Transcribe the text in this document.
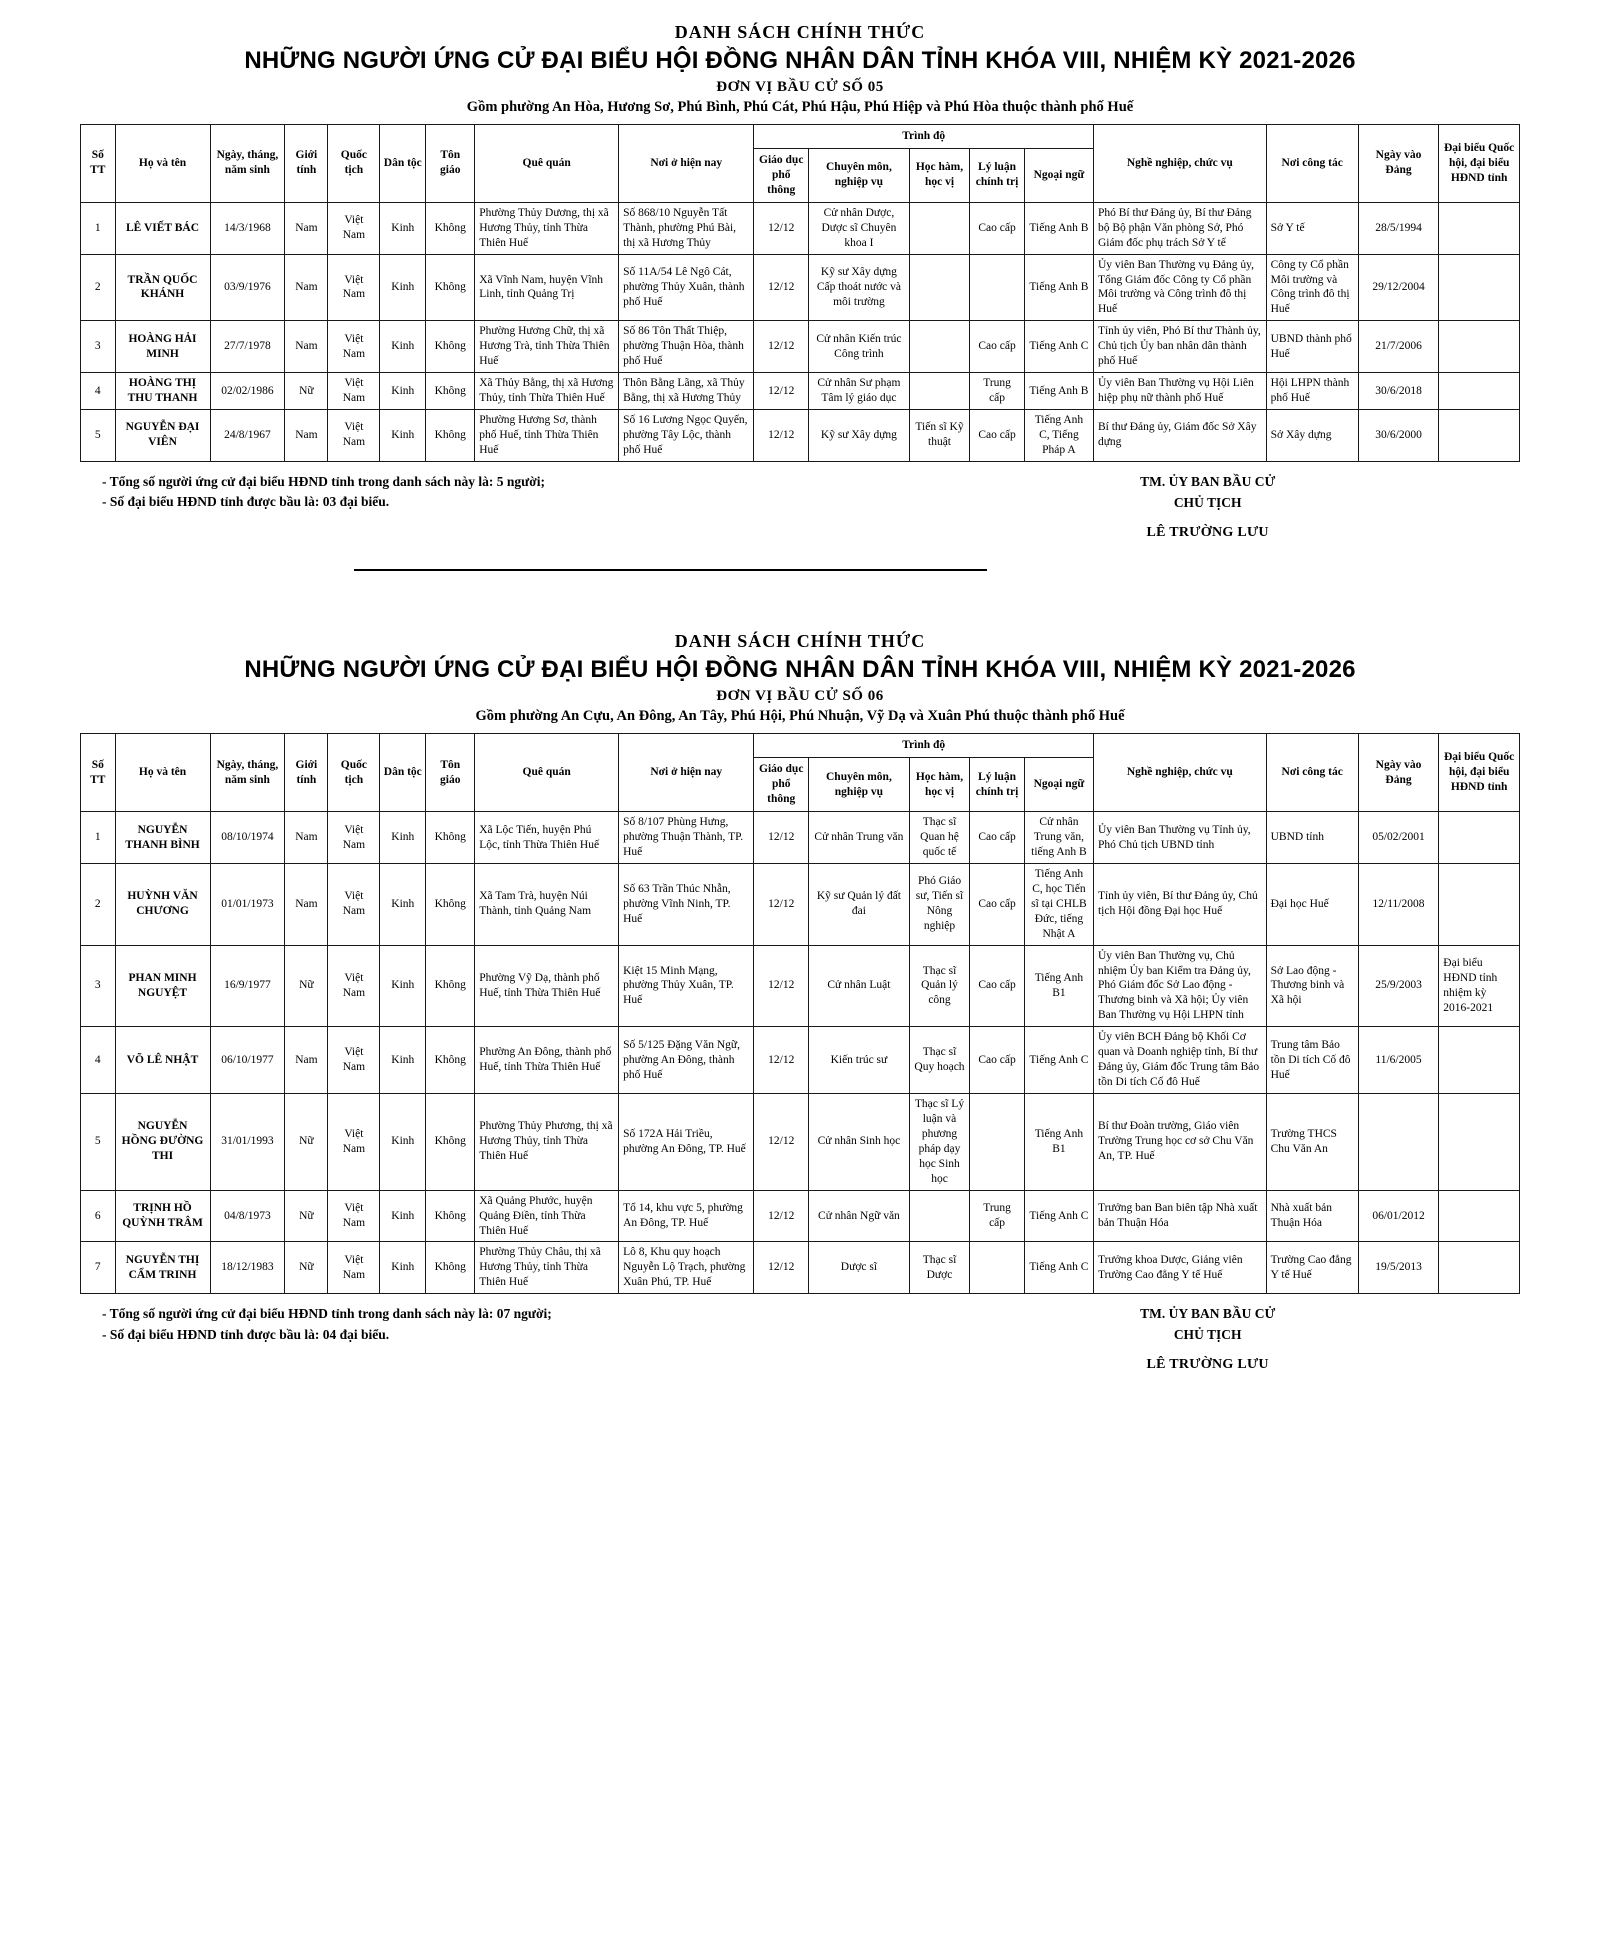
DANH SÁCH CHÍNH THỨC
NHỮNG NGƯỜI ỨNG CỬ ĐẠI BIỂU HỘI ĐỒNG NHÂN DÂN TỈNH KHÓA VIII, NHIỆM KỲ 2021-2026
ĐƠN VỊ BẦU CỬ SỐ 05
Gồm phường An Hòa, Hương Sơ, Phú Bình, Phú Cát, Phú Hậu, Phú Hiệp và Phú Hòa thuộc thành phố Huế
Số TT	Họ và tên	Ngày, tháng, năm sinh	Giới tính	Quốc tịch	Dân tộc	Tôn giáo	Quê quán	Nơi ở hiện nay	Trình độ					Nghề nghiệp, chức vụ	Nơi công tác	Ngày vào Đảng	Đại biểu Quốc hội, đại biểu HĐND tỉnh
									Giáo dục phổ thông	Chuyên môn, nghiệp vụ	Học hàm, học vị	Lý luận chính trị	Ngoại ngữ				
1	LÊ VIẾT BÁC	14/3/1968	Nam	Việt Nam	Kinh	Không	Phường Thủy Dương, thị xã Hương Thủy, tỉnh Thừa Thiên Huế	Số 868/10 Nguyễn Tất Thành, phường Phú Bài, thị xã Hương Thủy	12/12	Cử nhân Dược, Dược sĩ Chuyên khoa I		Cao cấp	Tiếng Anh B	Phó Bí thư Đảng ủy, Bí thư Đảng bộ Bộ phận Văn phòng Sở, Phó Giám đốc phụ trách Sở Y tế	Sở Y tế	28/5/1994	
2	TRẦN QUỐC KHÁNH	03/9/1976	Nam	Việt Nam	Kinh	Không	Xã Vĩnh Nam, huyện Vĩnh Linh, tỉnh Quảng Trị	Số 11A/54 Lê Ngô Cát, phường Thủy Xuân, thành phố Huế	12/12	Kỹ sư Xây dựng Cấp thoát nước và môi trường			Tiếng Anh B	Ủy viên Ban Thường vụ Đảng ủy, Tổng Giám đốc Công ty Cổ phần Môi trường và Công trình đô thị Huế	Công ty Cổ phần Môi trường và Công trình đô thị Huế	29/12/2004	
3	HOÀNG HẢI MINH	27/7/1978	Nam	Việt Nam	Kinh	Không	Phường Hương Chữ, thị xã Hương Trà, tỉnh Thừa Thiên Huế	Số 86 Tôn Thất Thiệp, phường Thuận Hòa, thành phố Huế	12/12	Cử nhân Kiến trúc Công trình		Cao cấp	Tiếng Anh C	Tỉnh ủy viên, Phó Bí thư Thành ủy, Chủ tịch Ủy ban nhân dân thành phố Huế	UBND thành phố Huế	21/7/2006	
4	HOÀNG THỊ THU THANH	02/02/1986	Nữ	Việt Nam	Kinh	Không	Xã Thủy Bằng, thị xã Hương Thủy, tỉnh Thừa Thiên Huế	Thôn Bằng Lãng, xã Thủy Bằng, thị xã Hương Thủy	12/12	Cử nhân Sư phạm Tâm lý giáo dục		Trung cấp	Tiếng Anh B	Ủy viên Ban Thường vụ Hội Liên hiệp phụ nữ thành phố Huế	Hội LHPN thành phố Huế	30/6/2018	
5	NGUYỄN ĐẠI VIÊN	24/8/1967	Nam	Việt Nam	Kinh	Không	Phường Hương Sơ, thành phố Huế, tỉnh Thừa Thiên Huế	Số 16 Lương Ngọc Quyến, phường Tây Lộc, thành phố Huế	12/12	Kỹ sư Xây dựng	Tiến sĩ Kỹ thuật	Cao cấp	Tiếng Anh C, Tiếng Pháp A	Bí thư Đảng ủy, Giám đốc Sở Xây dựng	Sở Xây dựng	30/6/2000	
- Tổng số người ứng cử đại biểu HĐND tỉnh trong danh sách này là: 5 người;
- Số đại biểu HĐND tỉnh được bầu là: 03 đại biểu.
TM. ỦY BAN BẦU CỬ
CHỦ TỊCH
LÊ TRƯỜNG LƯU
DANH SÁCH CHÍNH THỨC
NHỮNG NGƯỜI ỨNG CỬ ĐẠI BIỂU HỘI ĐỒNG NHÂN DÂN TỈNH KHÓA VIII, NHIỆM KỲ 2021-2026
ĐƠN VỊ BẦU CỬ SỐ 06
Gồm phường An Cựu, An Đông, An Tây, Phú Hội, Phú Nhuận, Vỹ Dạ và Xuân Phú thuộc thành phố Huế
Số TT	Họ và tên	Ngày, tháng, năm sinh	Giới tính	Quốc tịch	Dân tộc	Tôn giáo	Quê quán	Nơi ở hiện nay	Trình độ					Nghề nghiệp, chức vụ	Nơi công tác	Ngày vào Đảng	Đại biểu Quốc hội, đại biểu HĐND tỉnh
									Giáo dục phổ thông	Chuyên môn, nghiệp vụ	Học hàm, học vị	Lý luận chính trị	Ngoại ngữ				
1	NGUYỄN THANH BÌNH	08/10/1974	Nam	Việt Nam	Kinh	Không	Xã Lộc Tiến, huyện Phú Lộc, tỉnh Thừa Thiên Huế	Số 8/107 Phùng Hưng, phường Thuận Thành, TP. Huế	12/12	Cử nhân Trung văn	Thạc sĩ Quan hệ quốc tế	Cao cấp	Cử nhân Trung văn, tiếng Anh B	Ủy viên Ban Thường vụ Tỉnh ủy, Phó Chủ tịch UBND tỉnh	UBND tỉnh	05/02/2001	
2	HUỲNH VĂN CHƯƠNG	01/01/1973	Nam	Việt Nam	Kinh	Không	Xã Tam Trà, huyện Núi Thành, tỉnh Quảng Nam	Số 63 Trần Thúc Nhẫn, phường Vĩnh Ninh, TP. Huế	12/12	Kỹ sư Quản lý đất đai	Phó Giáo sư, Tiến sĩ Nông nghiệp	Cao cấp	Tiếng Anh C, học Tiến sĩ tại CHLB Đức, tiếng Nhật A	Tỉnh ủy viên, Bí thư Đảng ủy, Chủ tịch Hội đồng Đại học Huế	Đại học Huế	12/11/2008	
3	PHAN MINH NGUYỆT	16/9/1977	Nữ	Việt Nam	Kinh	Không	Phường Vỹ Dạ, thành phố Huế, tỉnh Thừa Thiên Huế	Kiệt 15 Minh Mạng, phường Thủy Xuân, TP. Huế	12/12	Cử nhân Luật	Thạc sĩ Quản lý công	Cao cấp	Tiếng Anh B1	Ủy viên Ban Thường vụ, Chủ nhiệm Ủy ban Kiểm tra Đảng ủy, Phó Giám đốc Sở Lao động - Thương binh và Xã hội; Ủy viên Ban Thường vụ Hội LHPN tỉnh	Sở Lao động - Thương binh và Xã hội	25/9/2003	Đại biểu HĐND tỉnh nhiệm kỳ 2016-2021
4	VÕ LÊ NHẬT	06/10/1977	Nam	Việt Nam	Kinh	Không	Phường An Đông, thành phố Huế, tỉnh Thừa Thiên Huế	Số 5/125 Đặng Văn Ngữ, phường An Đông, thành phố Huế	12/12	Kiến trúc sư	Thạc sĩ Quy hoạch	Cao cấp	Tiếng Anh C	Ủy viên BCH Đảng bộ Khối Cơ quan và Doanh nghiệp tỉnh, Bí thư Đảng ủy, Giám đốc Trung tâm Bảo tồn Di tích Cố đô Huế	Trung tâm Bảo tồn Di tích Cố đô Huế	11/6/2005	
5	NGUYỄN HỒNG ĐƯỜNG THI	31/01/1993	Nữ	Việt Nam	Kinh	Không	Phường Thủy Phương, thị xã Hương Thủy, tỉnh Thừa Thiên Huế	Số 172A Hải Triều, phường An Đông, TP. Huế	12/12	Cử nhân Sinh học	Thạc sĩ Lý luận và phương pháp dạy học Sinh học		Tiếng Anh B1	Bí thư Đoàn trường, Giáo viên Trường Trung học cơ sở Chu Văn An, TP. Huế	Trường THCS Chu Văn An		
6	TRỊNH HỒ QUỲNH TRÂM	04/8/1973	Nữ	Việt Nam	Kinh	Không	Xã Quảng Phước, huyện Quảng Điền, tỉnh Thừa Thiên Huế	Tổ 14, khu vực 5, phường An Đông, TP. Huế	12/12	Cử nhân Ngữ văn		Trung cấp	Tiếng Anh C	Trưởng ban Ban biên tập Nhà xuất bản Thuận Hóa	Nhà xuất bản Thuận Hóa	06/01/2012	
7	NGUYỄN THỊ CẨM TRINH	18/12/1983	Nữ	Việt Nam	Kinh	Không	Phường Thủy Châu, thị xã Hương Thủy, tỉnh Thừa Thiên Huế	Lô 8, Khu quy hoạch Nguyễn Lộ Trạch, phường Xuân Phú, TP. Huế	12/12	Dược sĩ	Thạc sĩ Dược		Tiếng Anh C	Trưởng khoa Dược, Giảng viên Trường Cao đẳng Y tế Huế	Trường Cao đẳng Y tế Huế	19/5/2013	
- Tổng số người ứng cử đại biểu HĐND tỉnh trong danh sách này là: 07 người;
- Số đại biểu HĐND tỉnh được bầu là: 04 đại biểu.
TM. ỦY BAN BẦU CỬ
CHỦ TỊCH
LÊ TRƯỜNG LƯU
